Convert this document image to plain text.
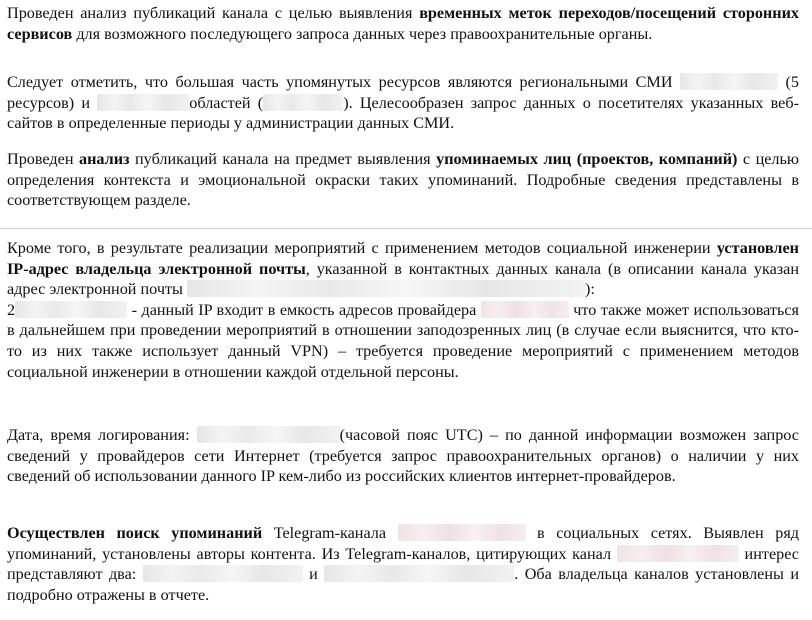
Проведен анализ публикаций канала с целью выявления временных меток переходов/посещений сторонних сервисов для возможного последующего запроса данных через правоохранительные органы.

Следует отметить, что большая часть упомянутых ресурсов являются региональными СМИ	(5 ресурсов) и	областей (	). Целесообразен запрос данных о посетителях указанных веб-сайтов в определенные периоды у администрации данных СМИ.

Проведен анализ публикаций канала на предмет выявления упоминаемых лиц (проектов, компаний) с целью определения контекста и эмоциональной окраски таких упоминаний. Подробные сведения представлены в соответствующем разделе.

Кроме того, в результате реализации мероприятий с применением методов социальной инженерии установлен IP-адрес владельца электронной почты, указанной в контактных данных канала (в описании канала указан адрес электронной почты	):
2	- данный IP входит в емкость адресов провайдера	что также может использоваться в дальнейшем при проведении мероприятий в отношении заподозренных лиц (в случае если выяснится, что кто-то из них также использует данный VPN) – требуется проведение мероприятий с применением методов социальной инженерии в отношении каждой отдельной персоны.

Дата, время логирования:	(часовой пояс UTC) – по данной информации возможен запрос сведений у провайдеров сети Интернет (требуется запрос правоохранительных органов) о наличии у них сведений об использовании данного IP кем-либо из российских клиентов интернет-провайдеров.

Осуществлен поиск упоминаний Telegram-канала	в социальных сетях. Выявлен ряд упоминаний, установлены авторы контента. Из Telegram-каналов, цитирующих канал	интерес представляют два:	и	. Оба владельца каналов установлены и подробно отражены в отчете.
